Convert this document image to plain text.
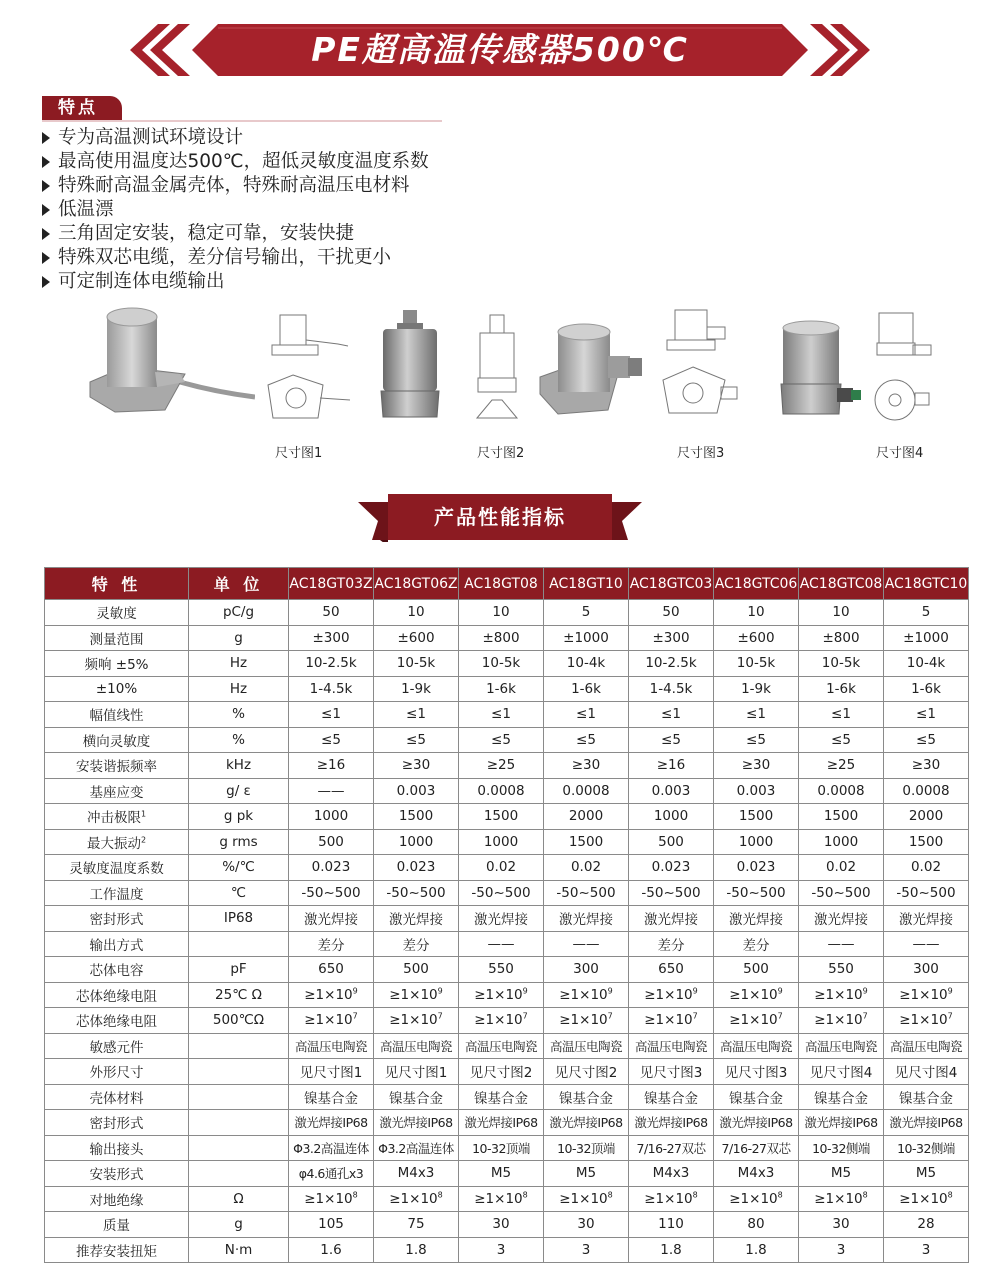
PE超高温传感器500℃
特点
专为高温测试环境设计
最高使用温度达500℃，超低灵敏度温度系数
特殊耐高温金属壳体，特殊耐高温压电材料
低温漂
三角固定安装，稳定可靠，安装快捷
特殊双芯电缆，差分信号输出，干扰更小
可定制连体电缆输出
尺寸图1	尺寸图2	尺寸图3	尺寸图4
产品性能指标
特 性	单 位	AC18GT03Z	AC18GT06Z	AC18GT08	AC18GT10	AC18GTC03	AC18GTC06	AC18GTC08	AC18GTC10
灵敏度	pC/g	50	10	10	5	50	10	10	5
测量范围	g	±300	±600	±800	±1000	±300	±600	±800	±1000
频响 ±5%	Hz	10-2.5k	10-5k	10-5k	10-4k	10-2.5k	10-5k	10-5k	10-4k
±10%	Hz	1-4.5k	1-9k	1-6k	1-6k	1-4.5k	1-9k	1-6k	1-6k
幅值线性	%	≤1	≤1	≤1	≤1	≤1	≤1	≤1	≤1
横向灵敏度	%	≤5	≤5	≤5	≤5	≤5	≤5	≤5	≤5
安装谐振频率	kHz	≥16	≥30	≥25	≥30	≥16	≥30	≥25	≥30
基座应变	g/ ε	——	0.003	0.0008	0.0008	0.003	0.003	0.0008	0.0008
冲击极限$^1$	g pk	1000	1500	1500	2000	1000	1500	1500	2000
最大振动$^2$	g rms	500	1000	1000	1500	500	1000	1000	1500
灵敏度温度系数	%/℃	0.023	0.023	0.02	0.02	0.023	0.023	0.02	0.02
工作温度	℃	-50~500	-50~500	-50~500	-50~500	-50~500	-50~500	-50~500	-50~500
密封形式	IP68	激光焊接	激光焊接	激光焊接	激光焊接	激光焊接	激光焊接	激光焊接	激光焊接
输出方式		差分	差分	——	——	差分	差分	——	——
芯体电容	pF	650	500	550	300	650	500	550	300
芯体绝缘电阻	25℃ Ω	$\ge 1\times 10^9$	$\ge 1\times 10^9$	$\ge 1\times 10^9$	$\ge 1\times 10^9$	$\ge 1\times 10^9$	$\ge 1\times 10^9$	$\ge 1\times 10^9$	$\ge 1\times 10^9$
芯体绝缘电阻	500℃Ω	$\ge 1\times 10^7$	$\ge 1\times 10^7$	$\ge 1\times 10^7$	$\ge 1\times 10^7$	$\ge 1\times 10^7$	$\ge 1\times 10^7$	$\ge 1\times 10^7$	$\ge 1\times 10^7$
敏感元件		高温压电陶瓷	高温压电陶瓷	高温压电陶瓷	高温压电陶瓷	高温压电陶瓷	高温压电陶瓷	高温压电陶瓷	高温压电陶瓷
外形尺寸		见尺寸图1	见尺寸图1	见尺寸图2	见尺寸图2	见尺寸图3	见尺寸图3	见尺寸图4	见尺寸图4
壳体材料		镍基合金	镍基合金	镍基合金	镍基合金	镍基合金	镍基合金	镍基合金	镍基合金
密封形式		激光焊接IP68	激光焊接IP68	激光焊接IP68	激光焊接IP68	激光焊接IP68	激光焊接IP68	激光焊接IP68	激光焊接IP68
输出接头		Φ3.2高温连体	Φ3.2高温连体	10-32顶端	10-32顶端	7/16-27双芯	7/16-27双芯	10-32侧端	10-32侧端
安装形式		φ4.6通孔x3	M4x3	M5	M5	M4x3	M4x3	M5	M5
对地绝缘	Ω	$\ge 1\times 10^8$	$\ge 1\times 10^8$	$\ge 1\times 10^8$	$\ge 1\times 10^8$	$\ge 1\times 10^8$	$\ge 1\times 10^8$	$\ge 1\times 10^8$	$\ge 1\times 10^8$
质量	g	105	75	30	30	110	80	30	28
推荐安装扭矩	N·m	1.6	1.8	3	3	1.8	1.8	3	3
